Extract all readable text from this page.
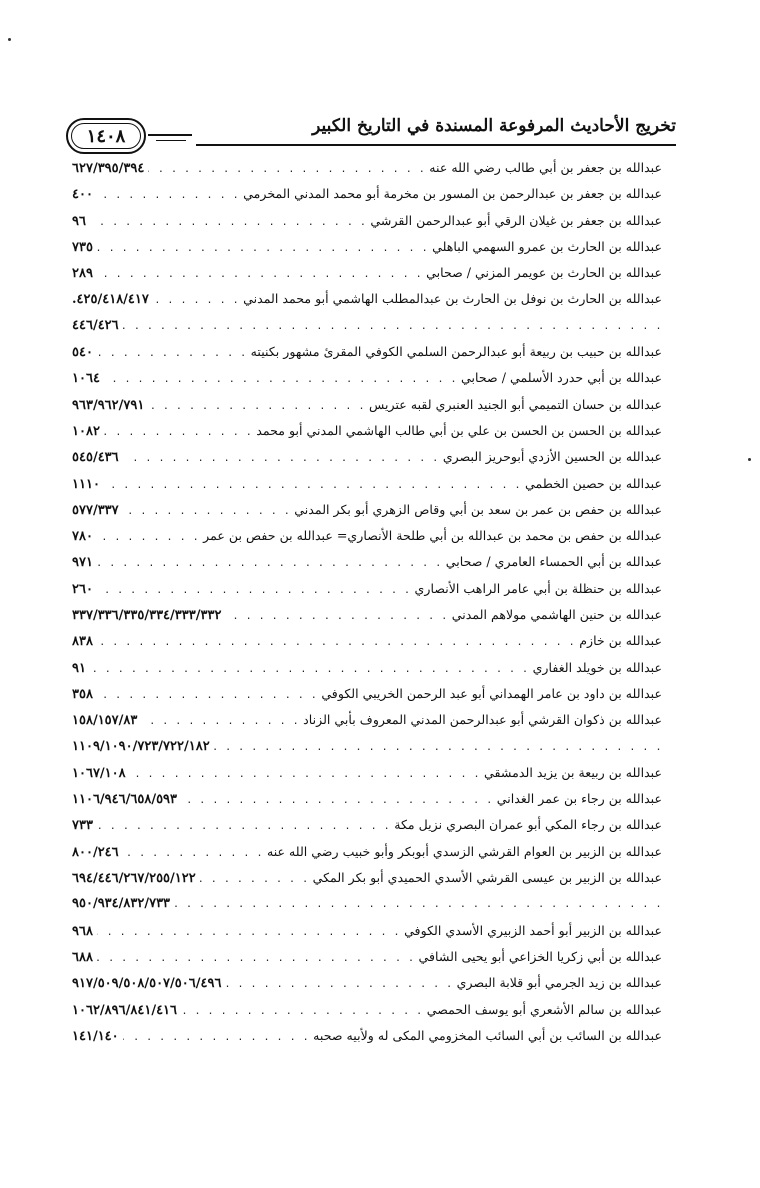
تخريج الأحاديث المرفوعة المسندة في التاريخ الكبير
١٤٠٨
عبدالله بن جعفر بن أبي طالب رضي الله عنه
. . .
٦٢٧/٣٩٥/٣٩٤
عبدالله بن جعفر بن عبدالرحمن بن المسور بن مخرمة أبو محمد المدني المخرمي
. . .
٤٠٠
عبدالله بن جعفر بن غيلان الرقي أبو عبدالرحمن القرشي
. . .
٩٦
عبدالله بن الحارث بن عمرو السهمي الباهلي
. . .
٧٣٥
عبدالله بن الحارث بن عويمر المزني / صحابي
. . .
٢٨٩
عبدالله بن الحارث بن نوفل بن الحارث بن عبدالمطلب الهاشمي أبو محمد المدني
. . .
.٤٢٥/٤١٨/٤١٧
. . .
٤٤٦/٤٢٦
عبدالله بن حبيب بن ربيعة أبو عبدالرحمن السلمي الكوفي المقرئ مشهور بكنيته
. . .
٥٤٠
عبدالله بن أبي حدرد الأسلمي / صحابي
. . .
١٠٦٤
عبدالله بن حسان التميمي أبو الجنيد العنبري لقبه عتريس
. . .
٩٦٣/٩٦٢/٧٩١
عبدالله بن الحسن بن الحسن بن علي بن أبي طالب الهاشمي المدني أبو محمد
. . .
١٠٨٢
عبدالله بن الحسين الأزدي أبوحريز البصري
. . .
٥٤٥/٤٣٦
عبدالله بن حصين الخطمي
. . .
١١١٠
عبدالله بن حفص بن عمر بن سعد بن أبي وقاص الزهري أبو بكر المدني
. . .
٥٧٧/٣٣٧
عبدالله بن حفص بن محمد بن عبدالله بن أبي طلحة الأنصاري= عبدالله بن حفص بن عمر
. . .
٧٨٠
عبدالله بن أبي الحمساء العامري / صحابي
. . .
٩٧١
عبدالله بن حنظلة بن أبي عامر الراهب الأنصاري
. . .
٢٦٠
عبدالله بن حنين الهاشمي مولاهم المدني
. . .
٣٣٧/٣٣٦/٣٣٥/٣٣٤/٣٣٣/٣٣٢
عبدالله بن خازم
. . .
٨٣٨
عبدالله بن خويلد الغفاري
. . .
٩١
عبدالله بن داود بن عامر الهمداني أبو عبد الرحمن الخريبي الكوفي
. . .
٣٥٨
عبدالله بن ذكوان القرشي أبو عبدالرحمن المدني المعروف بأبي الزناد
. . .
١٥٨/١٥٧/٨٣
. . .
١١٠٩/١٠٩٠/٧٢٣/٧٢٢/١٨٢
عبدالله بن ربيعة بن يزيد الدمشقي
. . .
١٠٦٧/١٠٨
عبدالله بن رجاء بن عمر الغداني
. . .
١١٠٦/٩٤٦/٦٥٨/٥٩٣
عبدالله بن رجاء المكي أبو عمران البصري نزيل مكة
. . .
٧٣٣
عبدالله بن الزبير بن العوام القرشي الزسدي أبوبكر وأبو خبيب رضي الله عنه
. . .
٨٠٠/٢٤٦
عبدالله بن الزبير بن عيسى القرشي الأسدي الحميدي أبو بكر المكي
. . .
٦٩٤/٤٤٦/٢٦٧/٢٥٥/١٢٢
. . .
٩٥٠/٩٣٤/٨٣٢/٧٣٣
عبدالله بن الزبير أبو أحمد الزبيري الأسدي الكوفي
. . .
٩٦٨
عبدالله بن أبي زكريا الخزاعي أبو يحيى الشافي
. . .
٦٨٨
عبدالله بن زيد الجرمي أبو قلابة البصري
. . .
٩١٧/٥٠٩/٥٠٨/٥٠٧/٥٠٦/٤٩٦
عبدالله بن سالم الأشعري أبو يوسف الحمصي
. . .
١٠٦٢/٨٩٦/٨٤١/٤١٦
عبدالله بن السائب بن أبي السائب المخزومي المكى له ولأبيه صحبه
. . .
١٤١/١٤٠
